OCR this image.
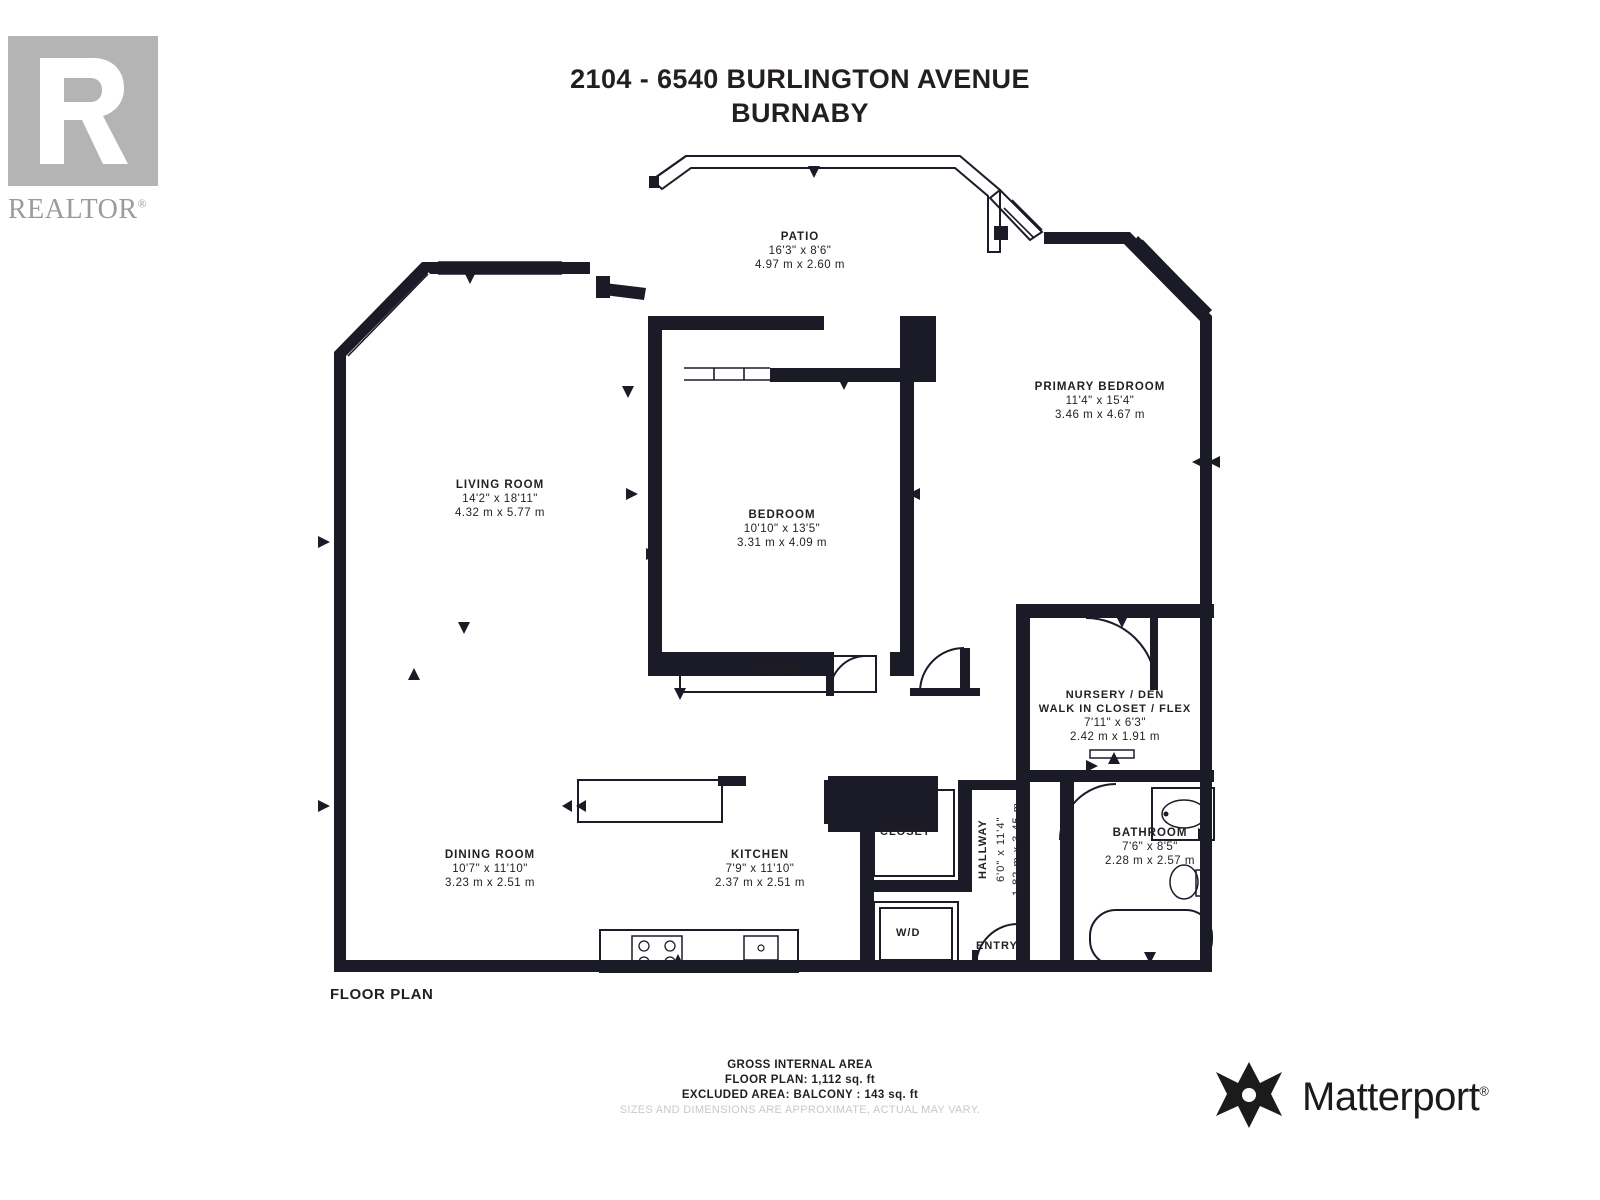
REALTOR®
2104 - 6540 BURLINGTON AVENUE
BURNABY
PATIO
16'3" x 8'6"
4.97 m x 2.60 m
PRIMARY BEDROOM
11'4" x 15'4"
3.46 m x 4.67 m
LIVING ROOM
14'2" x 18'11"
4.32 m x 5.77 m	BEDROOM
10'10" x 13'5"
3.31 m x 4.09 m
DINING ROOM
10'7" x 11'10"
3.23 m x 2.51 m
KITCHEN
7'9" x 11'10"
2.37 m x 2.51 m
NURSERY / DEN
WALK IN CLOSET / FLEX
7'11" x 6'3"
2.42 m x 1.91 m
BATHROOM
7'6" x 8'5"
2.28 m x 2.57 m
HALLWAY 6'0" x 11'4" 1.82 m x 3.45 m
CLOSET
CLOSET
W/D
ENTRY
FLOOR PLAN
GROSS INTERNAL AREA
FLOOR PLAN: 1,112 sq. ft
EXCLUDED AREA: BALCONY : 143 sq. ft
SIZES AND DIMENSIONS ARE APPROXIMATE, ACTUAL MAY VARY.	Matterport®
